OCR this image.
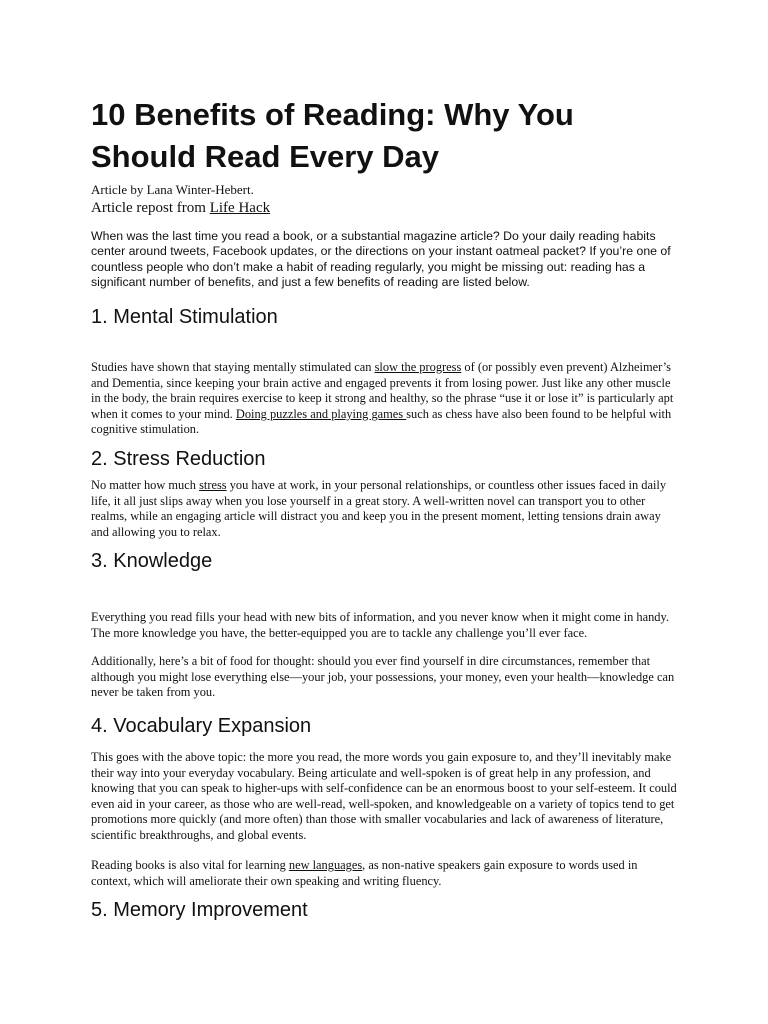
10 Benefits of Reading: Why You Should Read Every Day

Article by Lana Winter-Hebert.

Article repost from Life Hack

When was the last time you read a book, or a substantial magazine article? Do your daily reading habits center around tweets, Facebook updates, or the directions on your instant oatmeal packet? If you’re one of countless people who don’t make a habit of reading regularly, you might be missing out: reading has a significant number of benefits, and just a few benefits of reading are listed below.

1. Mental Stimulation

Studies have shown that staying mentally stimulated can slow the progress of (or possibly even prevent) Alzheimer’s and Dementia, since keeping your brain active and engaged prevents it from losing power. Just like any other muscle in the body, the brain requires exercise to keep it strong and healthy, so the phrase “use it or lose it” is particularly apt when it comes to your mind. Doing puzzles and playing games such as chess have also been found to be helpful with cognitive stimulation.

2. Stress Reduction

No matter how much stress you have at work, in your personal relationships, or countless other issues faced in daily life, it all just slips away when you lose yourself in a great story. A well-written novel can transport you to other realms, while an engaging article will distract you and keep you in the present moment, letting tensions drain away and allowing you to relax.

3. Knowledge

Everything you read fills your head with new bits of information, and you never know when it might come in handy. The more knowledge you have, the better-equipped you are to tackle any challenge you’ll ever face.

Additionally, here’s a bit of food for thought: should you ever find yourself in dire circumstances, remember that although you might lose everything else—your job, your possessions, your money, even your health—knowledge can never be taken from you.

4. Vocabulary Expansion

This goes with the above topic: the more you read, the more words you gain exposure to, and they’ll inevitably make their way into your everyday vocabulary. Being articulate and well-spoken is of great help in any profession, and knowing that you can speak to higher-ups with self-confidence can be an enormous boost to your self-esteem. It could even aid in your career, as those who are well-read, well-spoken, and knowledgeable on a variety of topics tend to get promotions more quickly (and more often) than those with smaller vocabularies and lack of awareness of literature, scientific breakthroughs, and global events.

Reading books is also vital for learning new languages, as non-native speakers gain exposure to words used in context, which will ameliorate their own speaking and writing fluency.

5. Memory Improvement
